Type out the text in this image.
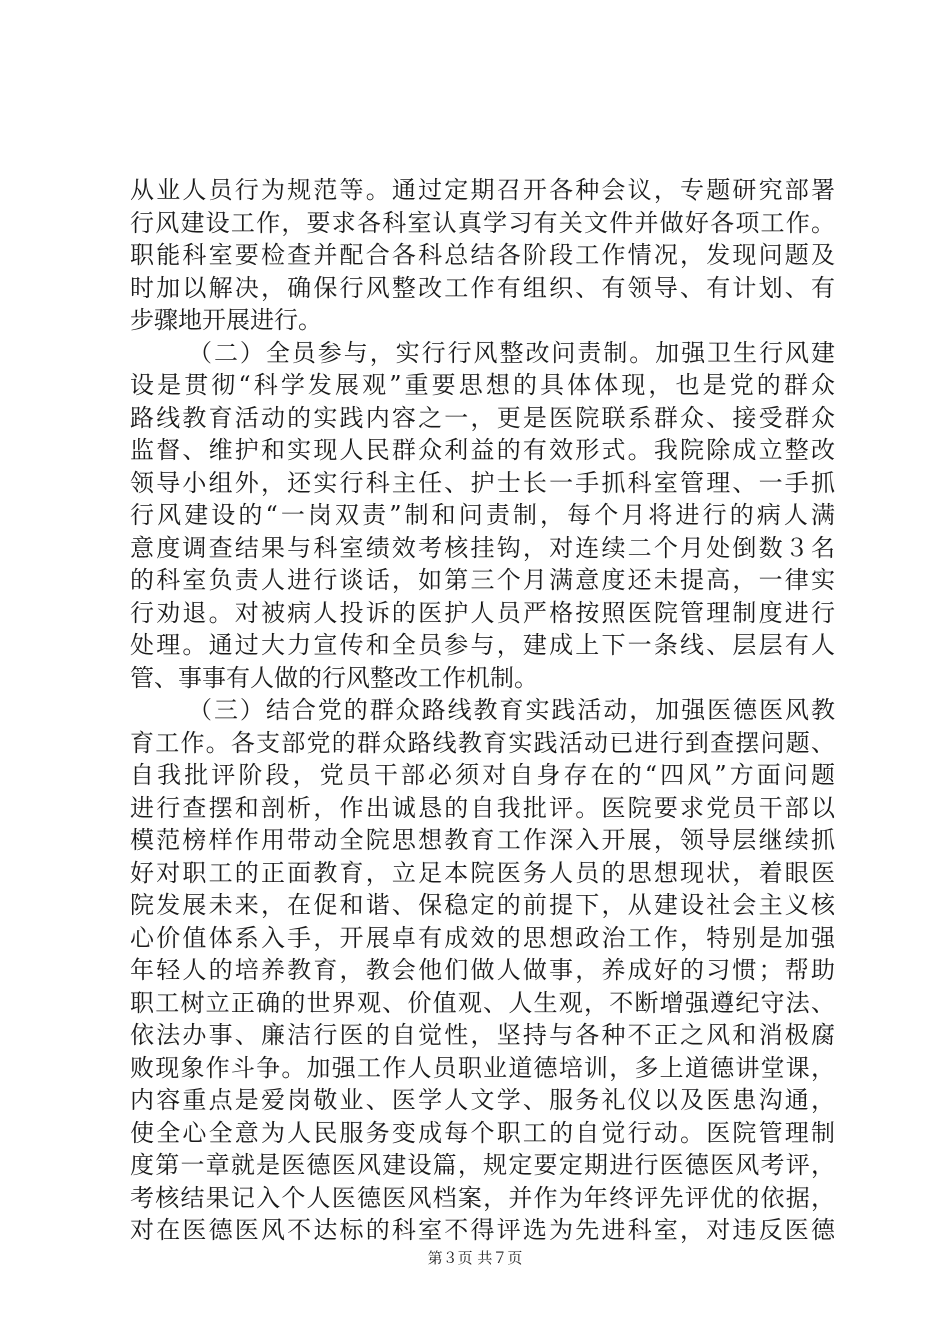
从业人员行为规范等。通过定期召开各种会议，专题研究部署
行风建设工作，要求各科室认真学习有关文件并做好各项工作。
职能科室要检查并配合各科总结各阶段工作情况，发现问题及
时加以解决，确保行风整改工作有组织、有领导、有计划、有
步骤地开展进行。
（二）全员参与，实行行风整改问责制。加强卫生行风建
设是贯彻“科学发展观”重要思想的具体体现，也是党的群众
路线教育活动的实践内容之一，更是医院联系群众、接受群众
监督、维护和实现人民群众利益的有效形式。我院除成立整改
领导小组外，还实行科主任、护士长一手抓科室管理、一手抓
行风建设的“一岗双责”制和问责制，每个月将进行的病人满
意度调查结果与科室绩效考核挂钩，对连续二个月处倒数３名
的科室负责人进行谈话，如第三个月满意度还未提高，一律实
行劝退。对被病人投诉的医护人员严格按照医院管理制度进行
处理。通过大力宣传和全员参与，建成上下一条线、层层有人
管、事事有人做的行风整改工作机制。
（三）结合党的群众路线教育实践活动，加强医德医风教
育工作。各支部党的群众路线教育实践活动已进行到查摆问题、
自我批评阶段，党员干部必须对自身存在的“四风”方面问题
进行查摆和剖析，作出诚恳的自我批评。医院要求党员干部以
模范榜样作用带动全院思想教育工作深入开展，领导层继续抓
好对职工的正面教育，立足本院医务人员的思想现状，着眼医
院发展未来，在促和谐、保稳定的前提下，从建设社会主义核
心价值体系入手，开展卓有成效的思想政治工作，特别是加强
年轻人的培养教育，教会他们做人做事，养成好的习惯；帮助
职工树立正确的世界观、价值观、人生观，不断增强遵纪守法、
依法办事、廉洁行医的自觉性，坚持与各种不正之风和消极腐
败现象作斗争。加强工作人员职业道德培训，多上道德讲堂课，
内容重点是爱岗敬业、医学人文学、服务礼仪以及医患沟通，
使全心全意为人民服务变成每个职工的自觉行动。医院管理制
度第一章就是医德医风建设篇，规定要定期进行医德医风考评，
考核结果记入个人医德医风档案，并作为年终评先评优的依据，
对在医德医风不达标的科室不得评选为先进科室，对违反医德
第３页 共７页
